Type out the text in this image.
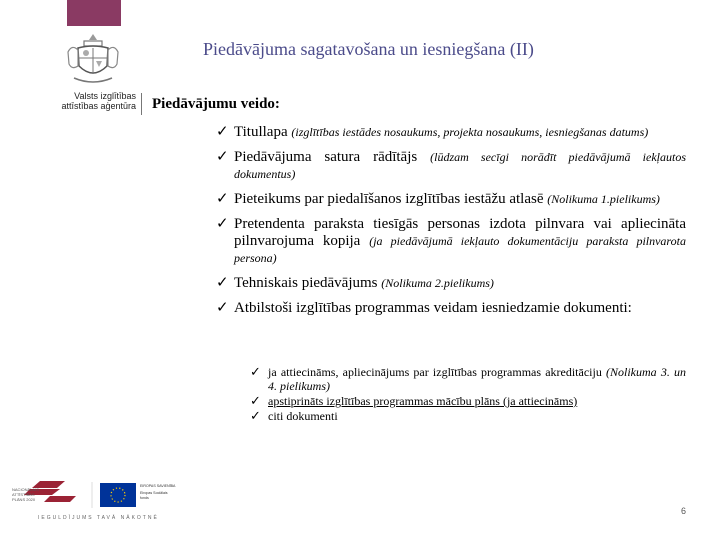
Valsts izglītības
attīstības aģentūra
Piedāvājuma sagatavošana un iesniegšana (II)
Piedāvājumu veido:
✓ Titullapa (izglītības iestādes nosaukums, projekta nosaukums, iesniegšanas datums)
✓ Piedāvājuma satura rādītājs (lūdzam secīgi norādīt piedāvājumā iekļautos dokumentus)
✓ Pieteikums par piedalīšanos izglītības iestāžu atlasē (Nolikuma 1.pielikums)
✓ Pretendenta paraksta tiesīgās personas izdota pilnvara vai apliecināta pilnvarojuma kopija (ja piedāvājumā iekļauto dokumentāciju paraksta pilnvarota persona)
✓ Tehniskais piedāvājums (Nolikuma 2.pielikums)
✓ Atbilstoši izglītības programmas veidam iesniedzamie dokumenti:
✓ ja attiecināms, apliecinājums par izglītības programmas akreditāciju (Nolikuma 3. un 4. pielikums)
✓ apstiprināts izglītības programmas mācību plāns (ja attiecināms)
✓ citi dokumenti
NACIONĀLAIS
ATTĪSTĪBAS
PLĀNS 2020
EIROPAS SAVIENĪBA
Eiropas Sociālais
fonds
IEGULDĪJUMS TAVĀ NĀKOTNĒ
6
